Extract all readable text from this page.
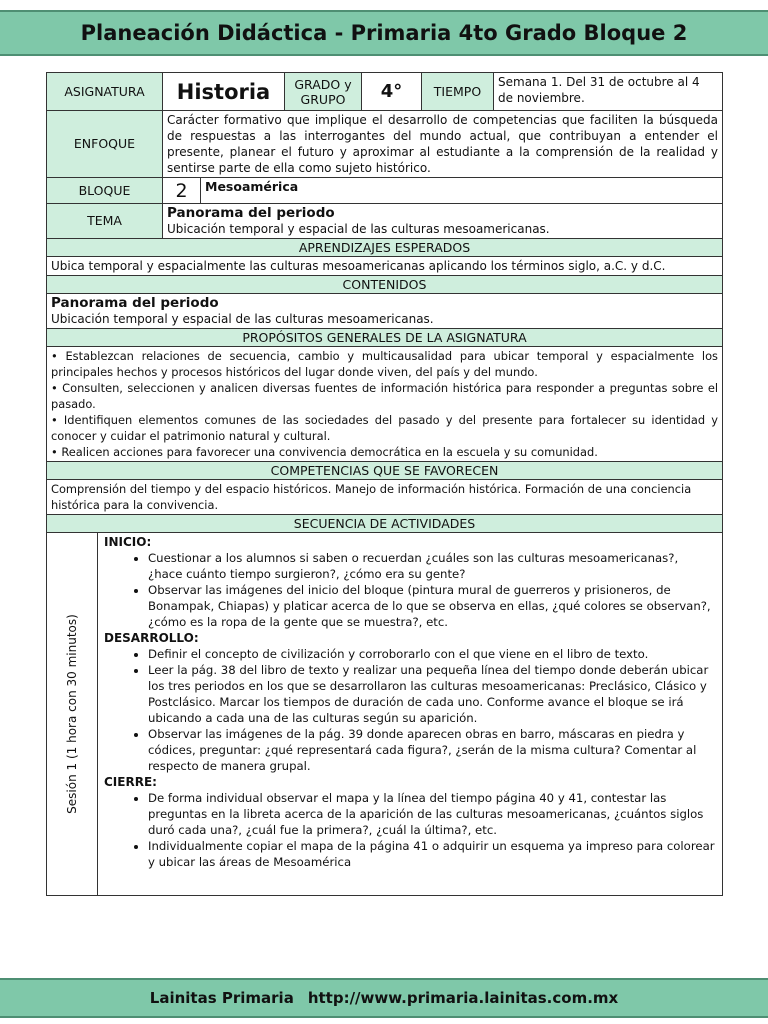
Planeación Didáctica - Primaria 4to Grado Bloque 2
ASIGNATURA	Historia	GRADO y GRUPO	4°	TIEMPO	Semana 1. Del 31 de octubre al 4 de noviembre.
ENFOQUE	Carácter formativo que implique el desarrollo de competencias que faciliten la búsqueda de respuestas a las interrogantes del mundo actual, que contribuyan a entender el presente, planear el futuro y aproximar al estudiante a la comprensión de la realidad y sentirse parte de ella como sujeto histórico.
BLOQUE	2	Mesoamérica
TEMA	Panorama del periodo
Ubicación temporal y espacial de las culturas mesoamericanas.

APRENDIZAJES ESPERADOS
Ubica temporal y espacialmente las culturas mesoamericanas aplicando los términos siglo, a.C. y d.C.
CONTENIDOS

Panorama del periodo
Ubicación temporal y espacial de las culturas mesoamericanas.

PROPÓSITOS GENERALES DE LA ASIGNATURA

• Establezcan relaciones de secuencia, cambio y multicausalidad para ubicar temporal y espacialmente los principales hechos y procesos históricos del lugar donde viven, del país y del mundo.
• Consulten, seleccionen y analicen diversas fuentes de información histórica para responder a preguntas sobre el pasado.
• Identifiquen elementos comunes de las sociedades del pasado y del presente para fortalecer su identidad y conocer y cuidar el patrimonio natural y cultural.
• Realicen acciones para favorecer una convivencia democrática en la escuela y su comunidad.

COMPETENCIAS QUE SE FAVORECEN
Comprensión del tiempo y del espacio históricos. Manejo de información histórica. Formación de una conciencia histórica para la convivencia.
SECUENCIA DE ACTIVIDADES

Sesión 1 (1 hora con 30 minutos)

INICIO:

• Cuestionar a los alumnos si saben o recuerdan ¿cuáles son las culturas mesoamericanas?, ¿hace cuánto tiempo surgieron?, ¿cómo era su gente?
• Observar las imágenes del inicio del bloque (pintura mural de guerreros y prisioneros, de Bonampak, Chiapas) y platicar acerca de lo que se observa en ellas, ¿qué colores se observan?, ¿cómo es la ropa de la gente que se muestra?, etc.

DESARROLLO:

• Definir el concepto de civilización y corroborarlo con el que viene en el libro de texto.
• Leer la pág. 38 del libro de texto y realizar una pequeña línea del tiempo donde deberán ubicar los tres periodos en los que se desarrollaron las culturas mesoamericanas: Preclásico, Clásico y Postclásico. Marcar los tiempos de duración de cada uno. Conforme avance el bloque se irá ubicando a cada una de las culturas según su aparición.
• Observar las imágenes de la pág. 39 donde aparecen obras en barro, máscaras en piedra y códices, preguntar: ¿qué representará cada figura?, ¿serán de la misma cultura? Comentar al respecto de manera grupal.

CIERRE:

• De forma individual observar el mapa y la línea del tiempo página 40 y 41, contestar las preguntas en la libreta acerca de la aparición de las culturas mesoamericanas, ¿cuántos siglos duró cada una?, ¿cuál fue la primera?, ¿cuál la última?, etc.
• Individualmente copiar el mapa de la página 41 o adquirir un esquema ya impreso para colorear y ubicar las áreas de Mesoamérica
Lainitas Primaria http://www.primaria.lainitas.com.mx
